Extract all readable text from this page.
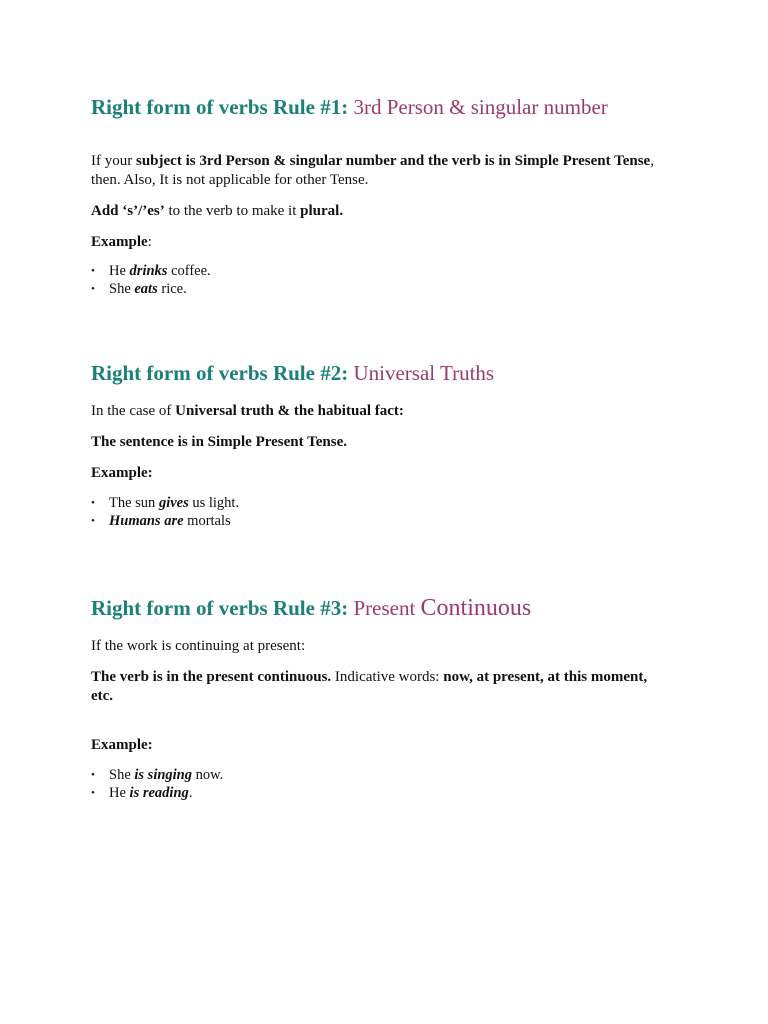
Right form of verbs Rule #1: 3rd Person & singular number

If your subject is 3rd Person & singular number and the verb is in Simple Present Tense, then. Also, It is not applicable for other Tense.

Add ‘s’/’es’ to the verb to make it plural.

Example:

• He drinks coffee.
• She eats rice.
Right form of verbs Rule #2: Universal Truths

In the case of Universal truth & the habitual fact:

The sentence is in Simple Present Tense.

Example:

• The sun gives us light.
• Humans are mortals
Right form of verbs Rule #3: Present Continuous

If the work is continuing at present:

The verb is in the present continuous. Indicative words: now, at present, at this moment, etc.

Example:

• She is singing now.
• He is reading.
